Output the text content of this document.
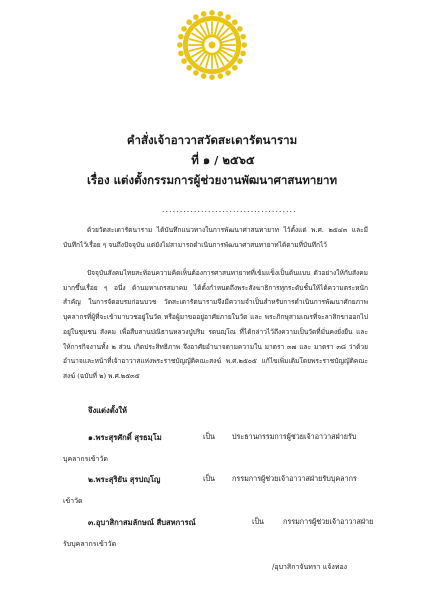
คำสั่งเจ้าอาวาสวัดสะเดารัตนาราม
ที่ ๑ / ๒๕๖๕
เรื่อง แต่งตั้งกรรมการผู้ช่วยงานพัฒนาศาสนทายาท
......................................
ด้วยวัดสะเดารัตนาราม ได้บันทึกแนวทางในการพัฒนาศาสนทายาท ไว้ตั้งแต่ พ.ศ. ๒๕๔๓ และมีบันทึกไว้เรื่อย ๆ จนถึงปัจจุบัน แต่ยังไม่สามารถดำเนินการพัฒนาศาสนทายาทได้ตามที่บันทึกไว้
ปัจจุบันสังคมไทยสะท้อนความคิดเห็นต้องการศาสนทายาทที่เข้มแข็งเป็นต้นแบบ ตัวอย่างให้กับสังคมมากขึ้นเรื่อย ๆ อนึ่ง ด้านมหาเถรสมาคม ได้ตั้งกำหนดถึงพระสังฆาธิการทุกระดับชั้นให้ได้ความตระหนัก สำคัญ ในการจัดอบรมก่อนบวช วัดสะเดารัตนารามจึงมีความจำเป็นสำหรับการดำเนินการพัฒนาศักยภาพบุคลากรที่ผู้ที่จะเข้ามาบวชอยู่ในวัด หรือผู้มาขออยู่อาศัยภายในวัด และ พระภิกษุสามเณรที่จะลาสิกขาออกไปอยู่ในชุมชน สังคม เพื่อสืบสานปณิธานหลวงปู่ปริม รตนญฺโณ ที่ได้กล่าวไว้ถึงความเป็นวัดที่มั่นคงยั่งยืน และให้การกิจงานทั้ง ๒ ส่วน เกิดประสิทธิภาพ จึงอาศัยอำนาจตามความใน มาตรา ๓๗ และ มาตรา ๓๘ ว่าด้วยอำนาจและหน้าที่เจ้าอาวาสแห่งพระราชบัญญัติคณะสงฆ์ พ.ศ.๒๕๐๕ แก้ไขเพิ่มเติมโดยพระราชบัญญัติคณะสงฆ์ (ฉบับที่ ๒) พ.ศ.๒๕๓๕
จึงแต่งตั้งให้
๑.พระสุรศักดิ์ สุรธมฺโม	เป็น ประธานกรรมการผู้ช่วยเจ้าอาวาสฝ่ายรับ
บุคลากรเข้าวัด
๒.พระสุริยัน สุรปญฺโญ	เป็น กรรมการผู้ช่วยเจ้าอาวาสฝ่ายรับบุคลากร
เข้าวัด
๓.อุบาสิกาสมลักษณ์ สืบสหการณ์	เป็น	กรรมการผู้ช่วยเจ้าอาวาสฝ่าย
รับบุคลากรเข้าวัด
/อุบาสิกาจันทรา แจ้งทอง
